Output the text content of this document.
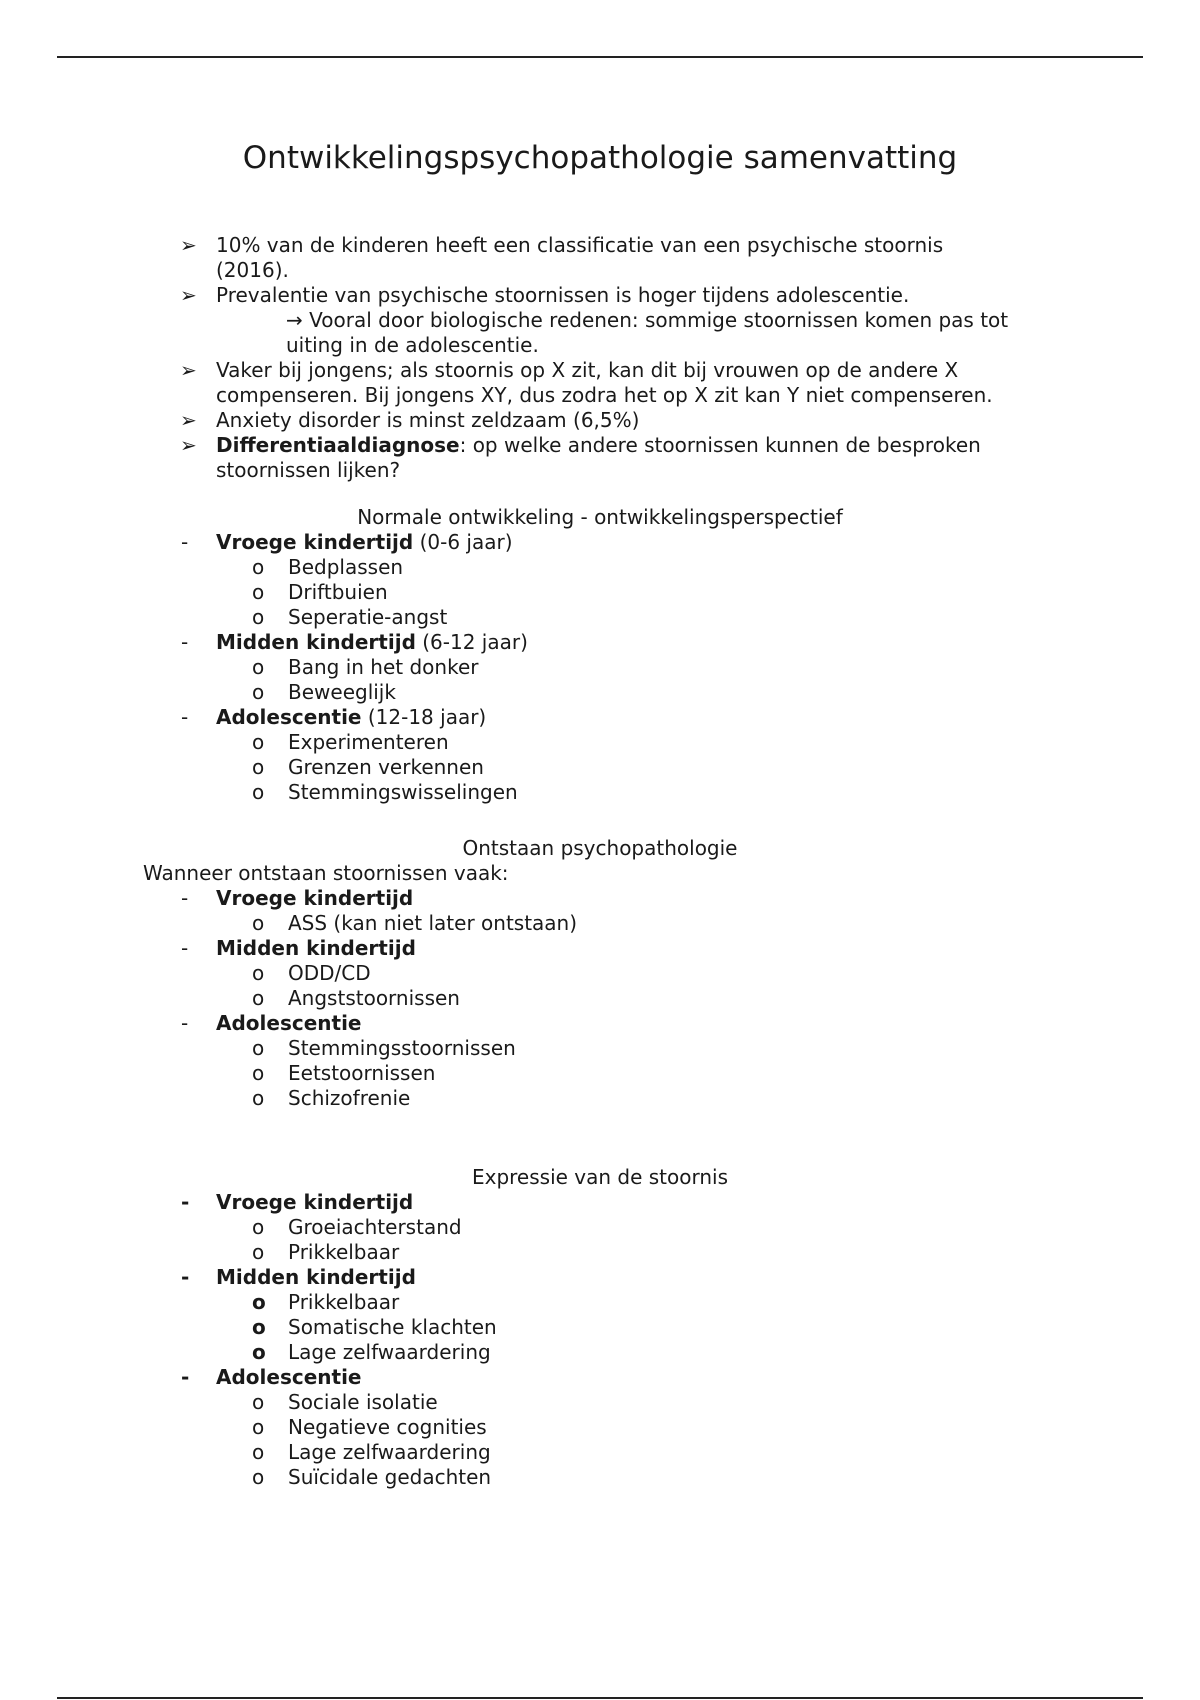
Ontwikkelingspsychopathologie samenvatting
➢ 10% van de kinderen heeft een classificatie van een psychische stoornis
(2016).
➢ Prevalentie van psychische stoornissen is hoger tijdens adolescentie.
→ Vooral door biologische redenen: sommige stoornissen komen pas tot
uiting in de adolescentie.
➢ Vaker bij jongens; als stoornis op X zit, kan dit bij vrouwen op de andere X
compenseren. Bij jongens XY, dus zodra het op X zit kan Y niet compenseren.
➢ Anxiety disorder is minst zeldzaam (6,5%)
➢ Differentiaaldiagnose: op welke andere stoornissen kunnen de besproken
stoornissen lijken?
Normale ontwikkeling - ontwikkelingsperspectief
- Vroege kindertijd (0-6 jaar)
o Bedplassen
o Driftbuien
o Seperatie-angst
- Midden kindertijd (6-12 jaar)
o Bang in het donker
o Beweeglijk
- Adolescentie (12-18 jaar)
o Experimenteren
o Grenzen verkennen
o Stemmingswisselingen
Ontstaan psychopathologie
Wanneer ontstaan stoornissen vaak:
- Vroege kindertijd
o ASS (kan niet later ontstaan)
- Midden kindertijd
o ODD/CD
o Angststoornissen
- Adolescentie
o Stemmingsstoornissen
o Eetstoornissen
o Schizofrenie
Expressie van de stoornis
- Vroege kindertijd
o Groeiachterstand
o Prikkelbaar
- Midden kindertijd
o Prikkelbaar
o Somatische klachten
o Lage zelfwaardering
- Adolescentie
o Sociale isolatie
o Negatieve cognities
o Lage zelfwaardering
o Suïcidale gedachten
